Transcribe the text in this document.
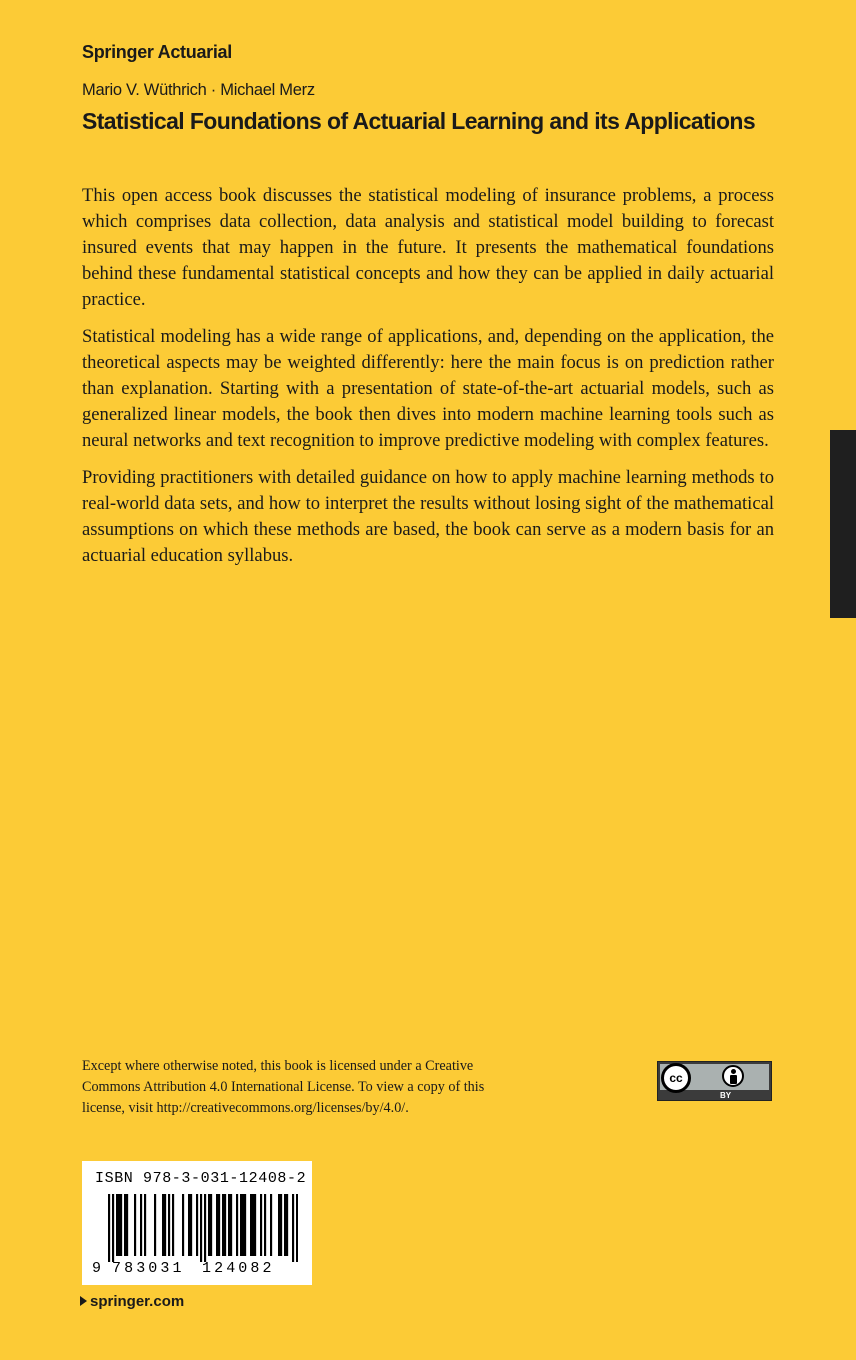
Springer Actuarial
Mario V. Wüthrich · Michael Merz
Statistical Foundations of Actuarial Learning and its Applications

This open access book discusses the statistical modeling of insurance problems, a process which comprises data collection, data analysis and statistical model building to forecast insured events that may happen in the future. It presents the mathematical foundations behind these fundamental statistical concepts and how they can be applied in daily actuarial practice.

Statistical modeling has a wide range of applications, and, depending on the application, the theoretical aspects may be weighted differently: here the main focus is on prediction rather than explanation. Starting with a presentation of state-of-the-art actuarial models, such as generalized linear models, the book then dives into modern machine learning tools such as neural networks and text recognition to improve predictive modeling with complex features.

Providing practitioners with detailed guidance on how to apply machine learning methods to real-world data sets, and how to interpret the results without losing sight of the mathematical assumptions on which these methods are based, the book can serve as a modern basis for an actuarial education syllabus.

Except where otherwise noted, this book is licensed under a Creative
Commons Attribution 4.0 International License. To view a copy of this
license, visit http://creativecommons.org/licenses/by/4.0/.
cc
BY
ISBN 978-3-031-12408-2
9 783031 124082
springer.com
